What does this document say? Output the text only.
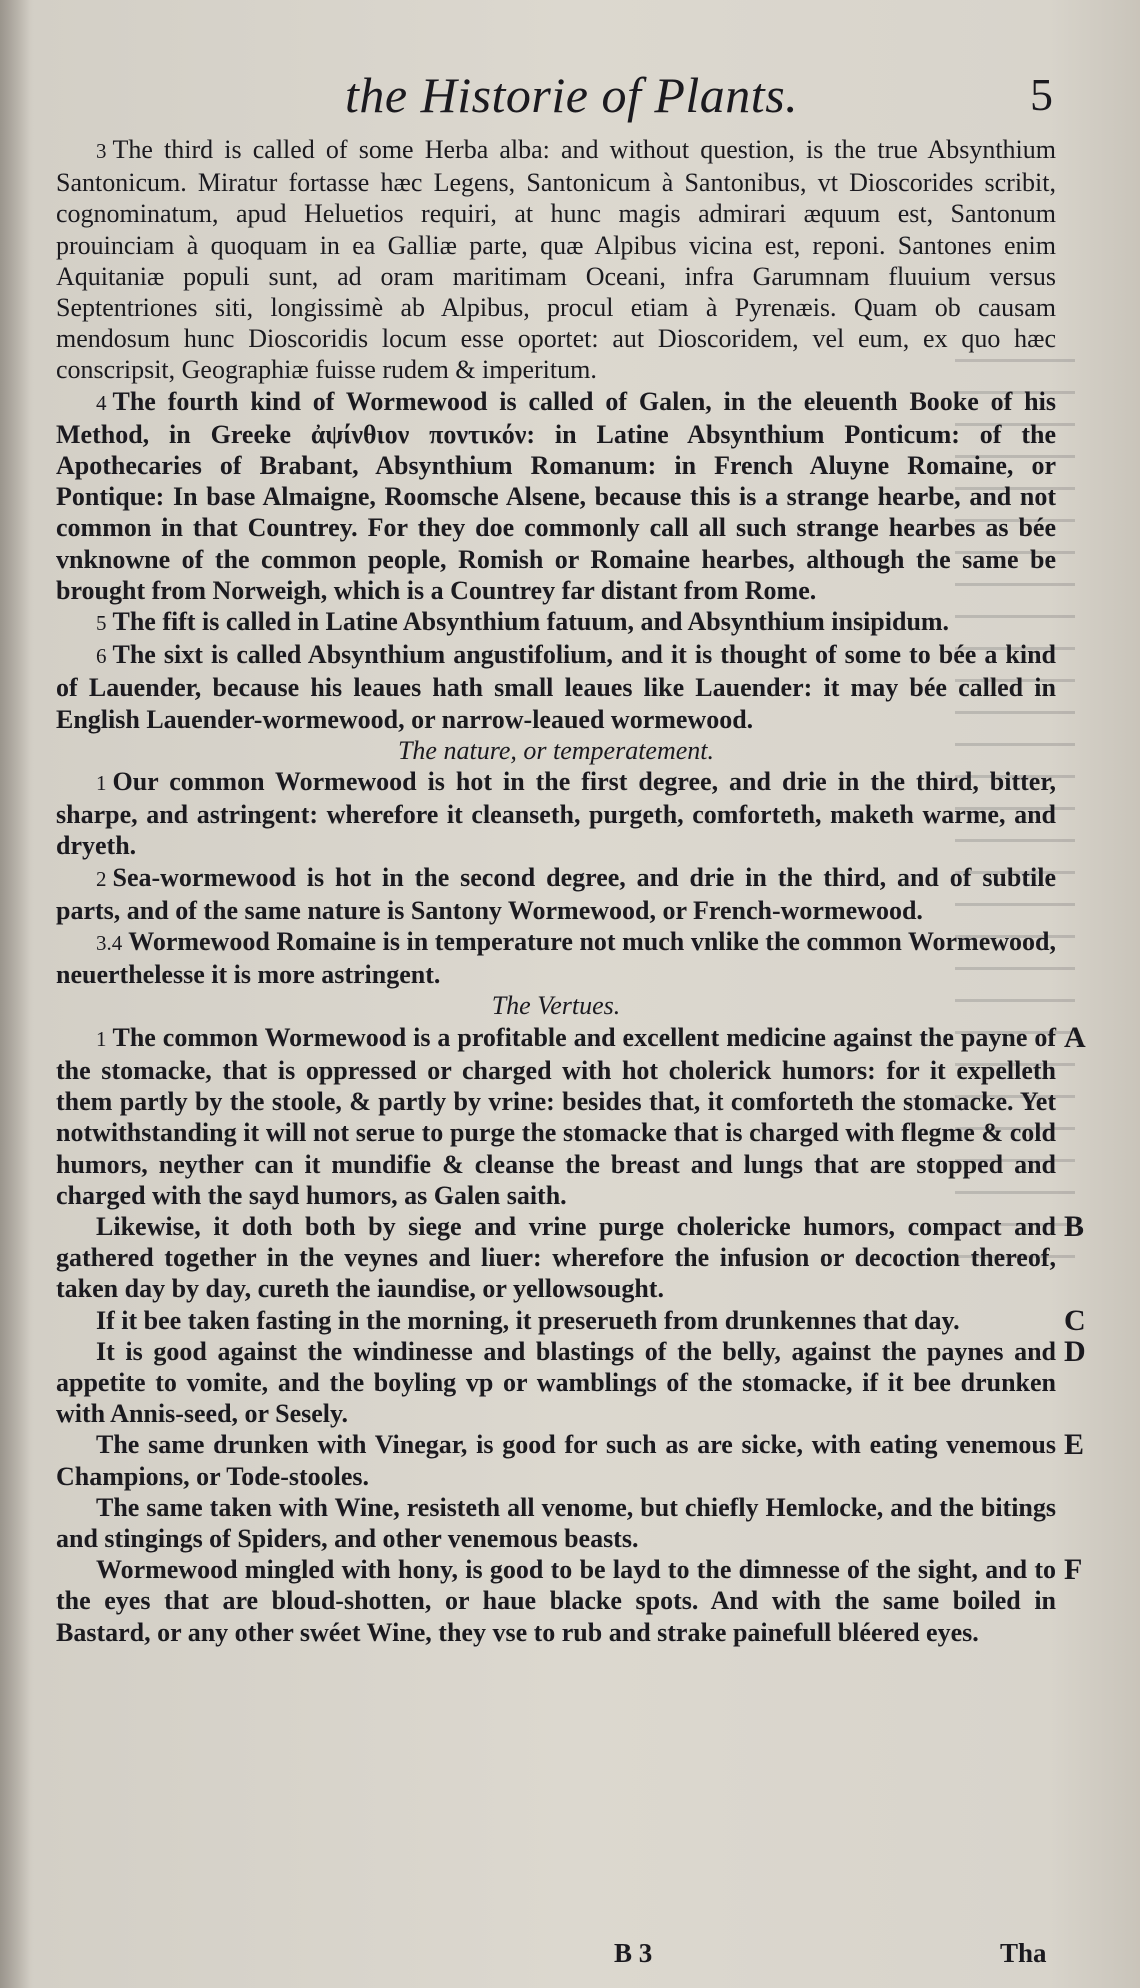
the Historie of Plants.	5

3 The third is called of some Herba alba: and without question, is the true Absynthium Santonicum. Miratur fortasse hæc Legens, Santonicum à Santonibus, vt Dioscorides scribit, cognominatum, apud Heluetios requiri, at hunc magis admirari æquum est, Santonum prouinciam à quoquam in ea Galliæ parte, quæ Alpibus vicina est, reponi. Santones enim Aquitaniæ populi sunt, ad oram maritimam Oceani, infra Garumnam fluuium versus Septentriones siti, longissimè ab Alpibus, procul etiam à Pyrenæis. Quam ob causam mendosum hunc Dioscoridis locum esse oportet: aut Dioscoridem, vel eum, ex quo hæc conscripsit, Geographiæ fuisse rudem & imperitum.

4 The fourth kind of Wormewood is called of Galen, in the eleuenth Booke of his Method, in Greeke ἀψίνθιον ποντικόν: in Latine Absynthium Ponticum: of the Apothecaries of Brabant, Absynthium Romanum: in French Aluyne Romaine, or Pontique: In base Almaigne, Roomsche Alsene, because this is a strange hearbe, and not common in that Countrey. For they doe commonly call all such strange hearbes as bée vnknowne of the common people, Romish or Romaine hearbes, although the same be brought from Norweigh, which is a Countrey far distant from Rome.

5 The fift is called in Latine Absynthium fatuum, and Absynthium insipidum.

6 The sixt is called Absynthium angustifolium, and it is thought of some to bée a kind of Lauender, because his leaues hath small leaues like Lauender: it may bée called in English Lauender-wormewood, or narrow-leaued wormewood.

The nature, or temperatement.

1 Our common Wormewood is hot in the first degree, and drie in the third, bitter, sharpe, and astringent: wherefore it cleanseth, purgeth, comforteth, maketh warme, and dryeth.

2 Sea-wormewood is hot in the second degree, and drie in the third, and of subtile parts, and of the same nature is Santony Wormewood, or French-wormewood.

3.4 Wormewood Romaine is in temperature not much vnlike the common Wormewood, neuerthelesse it is more astringent.

The Vertues.

1 The common Wormewood is a profitable and excellent medicine against the payne of the stomacke, that is oppressed or charged with hot cholerick humors: for it expelleth them partly by the stoole, & partly by vrine: besides that, it comforteth the stomacke. Yet notwithstanding it will not serue to purge the stomacke that is charged with flegme & cold humors, neyther can it mundifie & cleanse the breast and lungs that are stopped and charged with the sayd humors, as Galen saith.
A

Likewise, it doth both by siege and vrine purge cholericke humors, compact and gathered together in the veynes and liuer: wherefore the infusion or decoction thereof, taken day by day, cureth the iaundise, or yellowsought.
B

If it bee taken fasting in the morning, it preserueth from drunkennes that day.	C

It is good against the windinesse and blastings of the belly, against the paynes and appetite to vomite, and the boyling vp or wamblings of the stomacke, if it bee drunken with Annis-seed, or Sesely.
D

The same drunken with Vinegar, is good for such as are sicke, with eating venemous Champions, or Tode-stooles.
E

The same taken with Wine, resisteth all venome, but chiefly Hemlocke, and the bitings and stingings of Spiders, and other venemous beasts.

Wormewood mingled with hony, is good to be layd to the dimnesse of the sight, and to the eyes that are bloud-shotten, or haue blacke spots. And with the same boiled in Bastard, or any other swéet Wine, they vse to rub and strake painefull bléered eyes.
F

B 3	Tha
